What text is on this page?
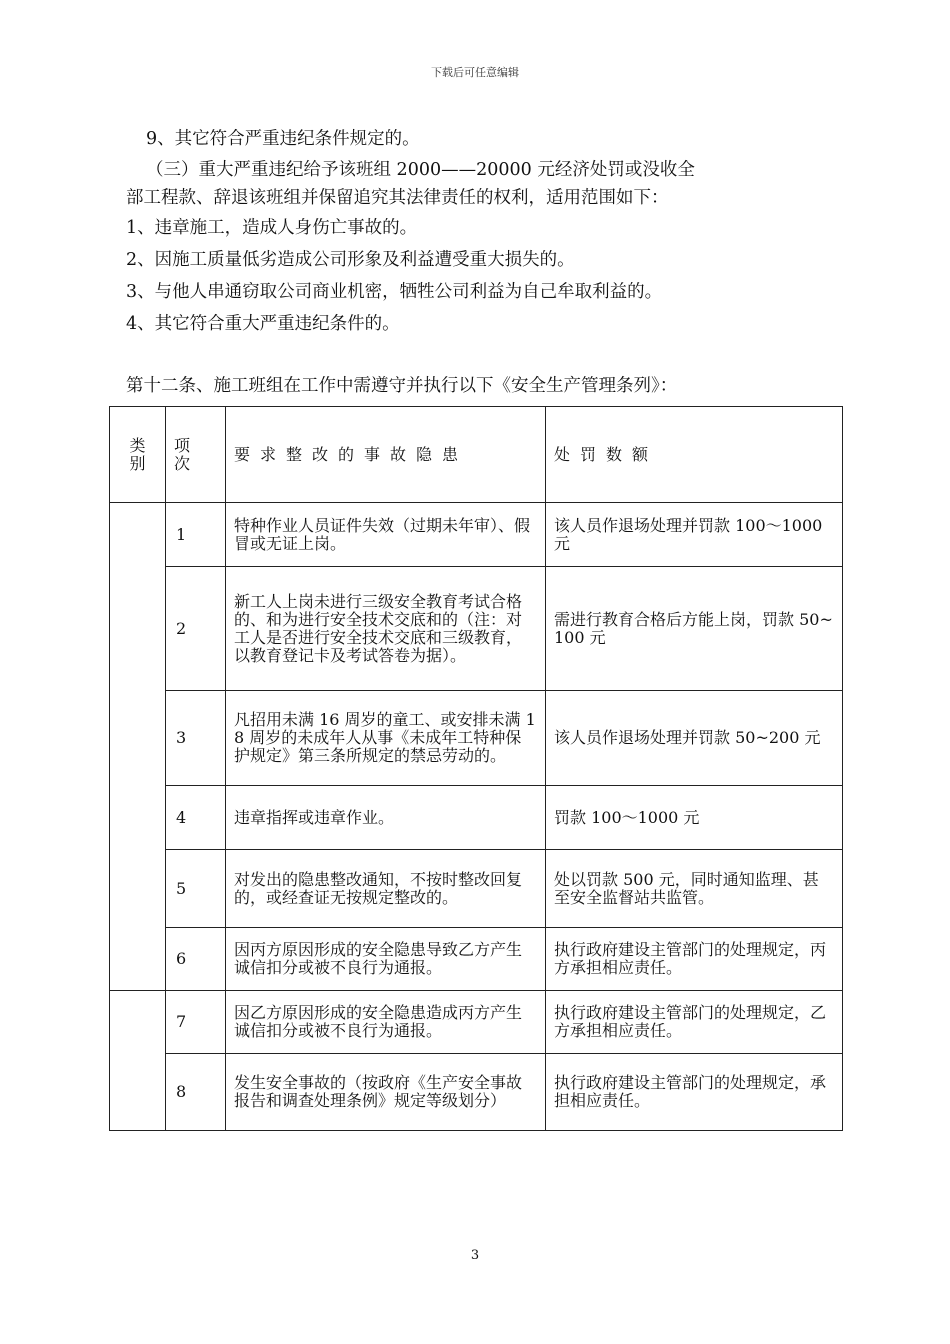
下载后可任意编辑
9、其它符合严重违纪条件规定的。
（三）重大严重违纪给予该班组 2000——20000 元经济处罚或没收全
部工程款、辞退该班组并保留追究其法律责任的权利，适用范围如下：
1、违章施工，造成人身伤亡事故的。
2、因施工质量低劣造成公司形象及利益遭受重大损失的。
3、与他人串通窃取公司商业机密，牺牲公司利益为自己牟取利益的。
4、其它符合重大严重违纪条件的。
第十二条、施工班组在工作中需遵守并执行以下《安全生产管理条列》：
类别	项次	要求整改的事故隐患	处罚数额
	1	特种作业人员证件失效（过期未年审）、假冒或无证上岗。	该人员作退场处理并罚款 100～1000 元
	2	新工人上岗未进行三级安全教育考试合格的、和为进行安全技术交底和的（注：对工人是否进行安全技术交底和三级教育，以教育登记卡及考试答卷为据）。	需进行教育合格后方能上岗，罚款 50~100 元
	3	凡招用未满 16 周岁的童工、或安排未满 18 周岁的未成年人从事《未成年工特种保护规定》第三条所规定的禁忌劳动的。	该人员作退场处理并罚款 50~200 元
	4	违章指挥或违章作业。	罚款 100～1000 元
	5	对发出的隐患整改通知，不按时整改回复的，或经查证无按规定整改的。	处以罚款 500 元，同时通知监理、甚至安全监督站共监管。
	6	因丙方原因形成的安全隐患导致乙方产生诚信扣分或被不良行为通报。	执行政府建设主管部门的处理规定，丙方承担相应责任。
	7	因乙方原因形成的安全隐患造成丙方产生诚信扣分或被不良行为通报。	执行政府建设主管部门的处理规定，乙方承担相应责任。
	8	发生安全事故的（按政府《生产安全事故报告和调查处理条例》规定等级划分）	执行政府建设主管部门的处理规定，承担相应责任。
3
